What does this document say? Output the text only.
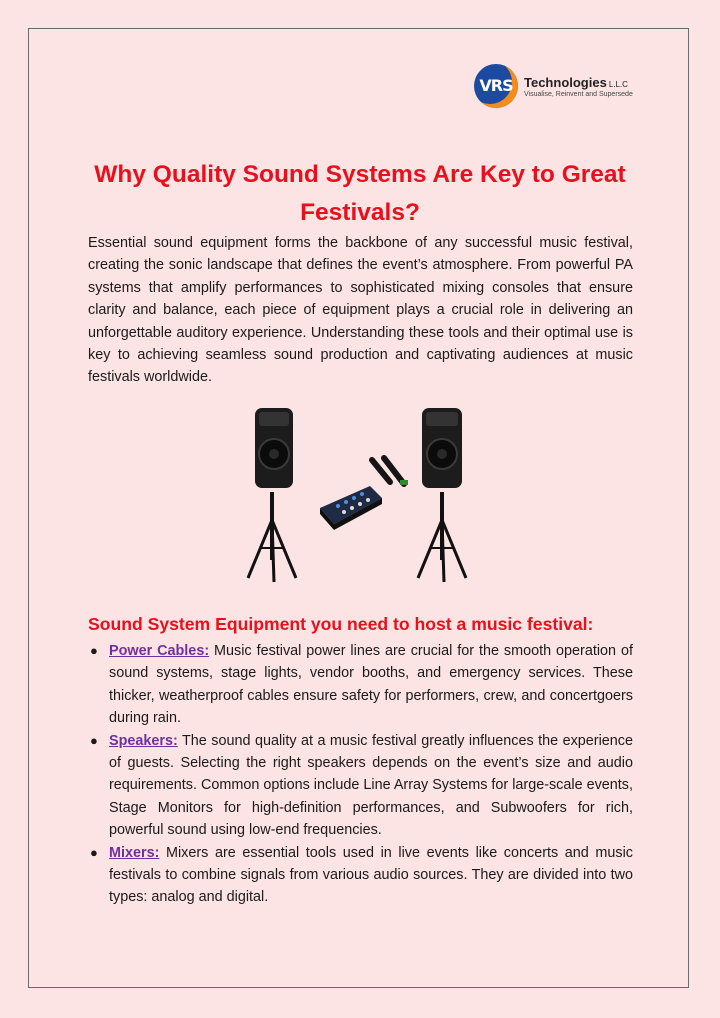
VRS Technologies L.L.C
Visualise, Reinvent and Supersede
Why Quality Sound Systems Are Key to Great Festivals?

Essential sound equipment forms the backbone of any successful music festival, creating the sonic landscape that defines the event’s atmosphere. From powerful PA systems that amplify performances to sophisticated mixing consoles that ensure clarity and balance, each piece of equipment plays a crucial role in delivering an unforgettable auditory experience. Understanding these tools and their optimal use is key to achieving seamless sound production and captivating audiences at music festivals worldwide.

Sound System Equipment you need to host a music festival:
● Power Cables: Music festival power lines are crucial for the smooth operation of sound systems, stage lights, vendor booths, and emergency services. These thicker, weatherproof cables ensure safety for performers, crew, and concertgoers during rain.
● Speakers: The sound quality at a music festival greatly influences the experience of guests. Selecting the right speakers depends on the event’s size and audio requirements. Common options include Line Array Systems for large-scale events, Stage Monitors for high-definition performances, and Subwoofers for rich, powerful sound using low-end frequencies.
● Mixers: Mixers are essential tools used in live events like concerts and music festivals to combine signals from various audio sources. They are divided into two types: analog and digital.
